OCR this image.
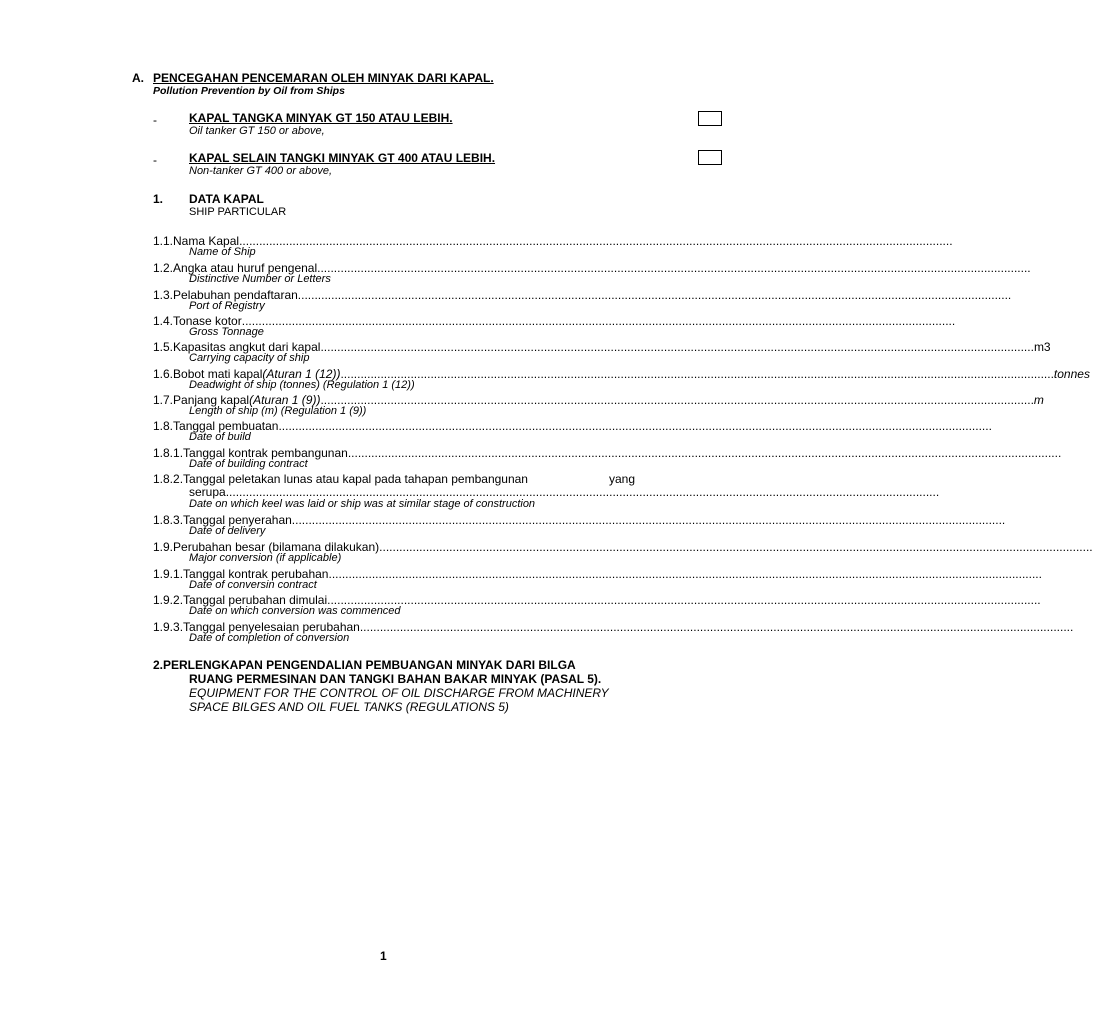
A. PENCEGAHAN PENCEMARAN OLEH MINYAK DARI KAPAL.
Pollution Prevention by Oil from Ships
-	KAPAL TANGKA MINYAK GT 150 ATAU LEBIH.
Oil tanker GT 150 or above,
-	KAPAL SELAIN TANGKI MINYAK GT 400 ATAU LEBIH.
Non-tanker GT 400 or above,
1. DATA KAPAL
SHIP PARTICULAR
1.1. Nama Kapal ......................................................................................................................................................................................................................
Name of Ship
1.2. Angka atau huruf pengenal ......................................................................................................................................................................................................................
Distinctive Number or Letters
1.3. Pelabuhan pendaftaran ......................................................................................................................................................................................................................
Port of Registry
1.4. Tonase kotor ......................................................................................................................................................................................................................
Gross Tonnage
1.5. Kapasitas angkut dari kapal ...................................................................................................................................................................................................................... m3
Carrying capacity of ship
1.6. Bobot mati kapal (Aturan 1 (12)) ...................................................................................................................................................................................................................... tonnes
Deadwight of ship (tonnes) (Regulation 1 (12))
1.7. Panjang kapal (Aturan 1 (9)) ...................................................................................................................................................................................................................... m
Length of ship (m) (Regulation 1 (9))
1.8. Tanggal pembuatan ......................................................................................................................................................................................................................
Date of build
1.8.1. Tanggal kontrak pembangunan ......................................................................................................................................................................................................................
Date of building contract
1.8.2. Tanggal peletakan lunas atau kapal pada tahapan pembangunan	yang
serupa ......................................................................................................................................................................................................................
Date on which keel was laid or ship was at similar stage of construction
1.8.3. Tanggal penyerahan ......................................................................................................................................................................................................................
Date of delivery
1.9. Perubahan besar (bilamana dilakukan) ......................................................................................................................................................................................................................
Major conversion (if applicable)
1.9.1. Tanggal kontrak perubahan ......................................................................................................................................................................................................................
Date of conversin contract
1.9.2. Tanggal perubahan dimulai ......................................................................................................................................................................................................................
Date on which conversion was commenced
1.9.3. Tanggal penyelesaian perubahan ......................................................................................................................................................................................................................
Date of completion of conversion
2.PERLENGKAPAN PENGENDALIAN PEMBUANGAN MINYAK DARI BILGA
RUANG PERMESINAN DAN TANGKI BAHAN BAKAR MINYAK (PASAL 5).
EQUIPMENT FOR THE CONTROL OF OIL DISCHARGE FROM MACHINERY
SPACE BILGES AND OIL FUEL TANKS (REGULATIONS 5)
1
